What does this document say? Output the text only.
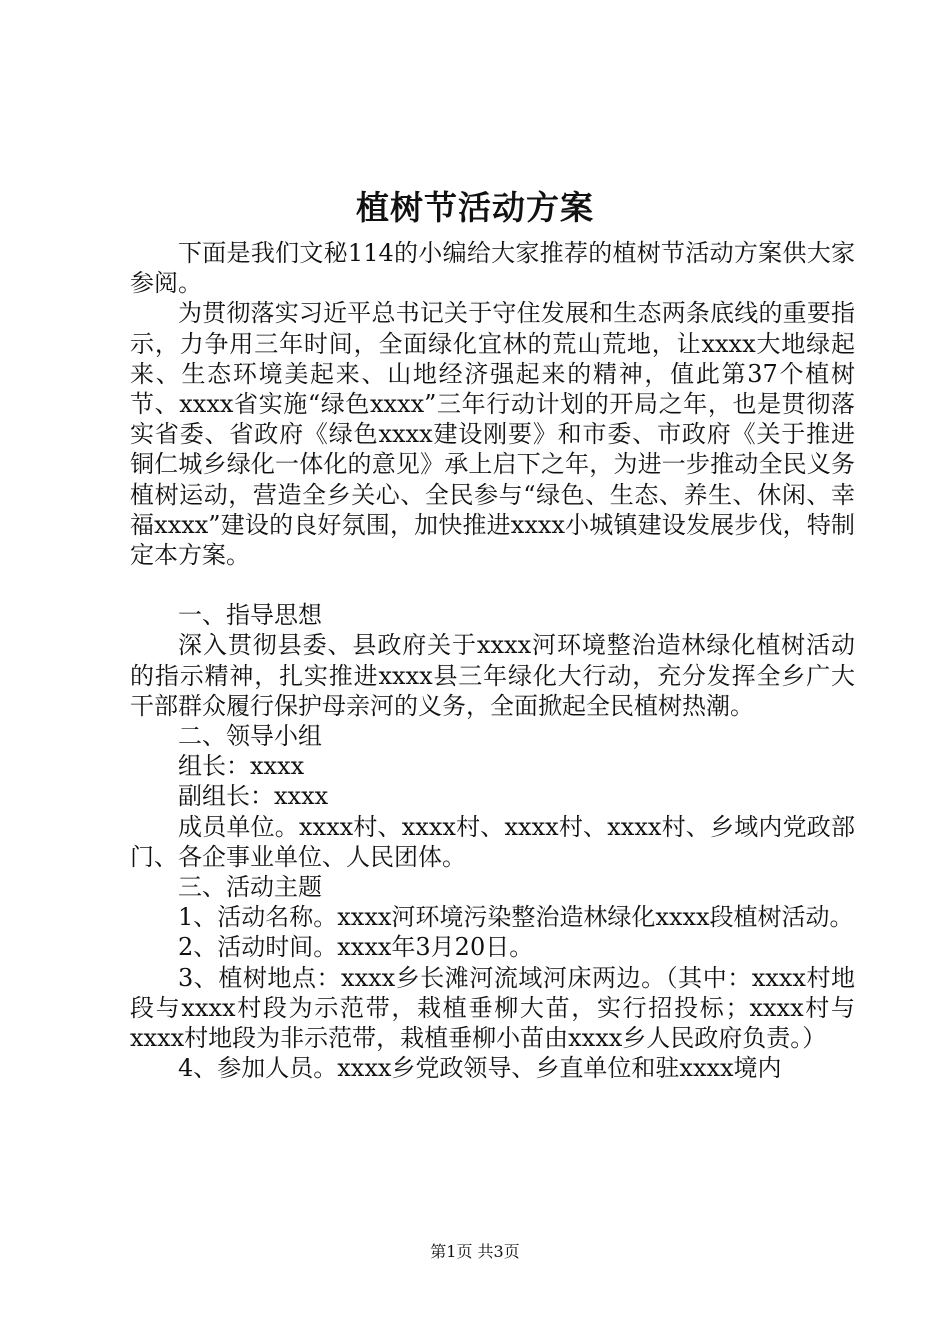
植树节活动方案

下面是我们文秘114的小编给大家推荐的植树节活动方案供大家参阅。

为贯彻落实习近平总书记关于守住发展和生态两条底线的重要指示，力争用三年时间，全面绿化宜林的荒山荒地，让xxxx大地绿起来、生态环境美起来、山地经济强起来的精神，值此第37个植树节、xxxx省实施“绿色xxxx”三年行动计划的开局之年，也是贯彻落实省委、省政府《绿色xxxx建设刚要》和市委、市政府《关于推进铜仁城乡绿化一体化的意见》承上启下之年，为进一步推动全民义务植树运动，营造全乡关心、全民参与“绿色、生态、养生、休闲、幸福xxxx”建设的良好氛围，加快推进xxxx小城镇建设发展步伐，特制定本方案。

一、指导思想

深入贯彻县委、县政府关于xxxx河环境整治造林绿化植树活动的指示精神，扎实推进xxxx县三年绿化大行动，充分发挥全乡广大干部群众履行保护母亲河的义务，全面掀起全民植树热潮。

二、领导小组

组长：xxxx

副组长：xxxx

成员单位。xxxx村、xxxx村、xxxx村、xxxx村、乡域内党政部门、各企事业单位、人民团体。

三、活动主题

1、活动名称。xxxx河环境污染整治造林绿化xxxx段植树活动。

2、活动时间。xxxx年3月20日。

3、植树地点：xxxx乡长滩河流域河床两边。（其中：xxxx村地段与xxxx村段为示范带，栽植垂柳大苗，实行招投标；xxxx村与xxxx村地段为非示范带，栽植垂柳小苗由xxxx乡人民政府负责。）

4、参加人员。xxxx乡党政领导、乡直单位和驻xxxx境内

第1页 共3页
